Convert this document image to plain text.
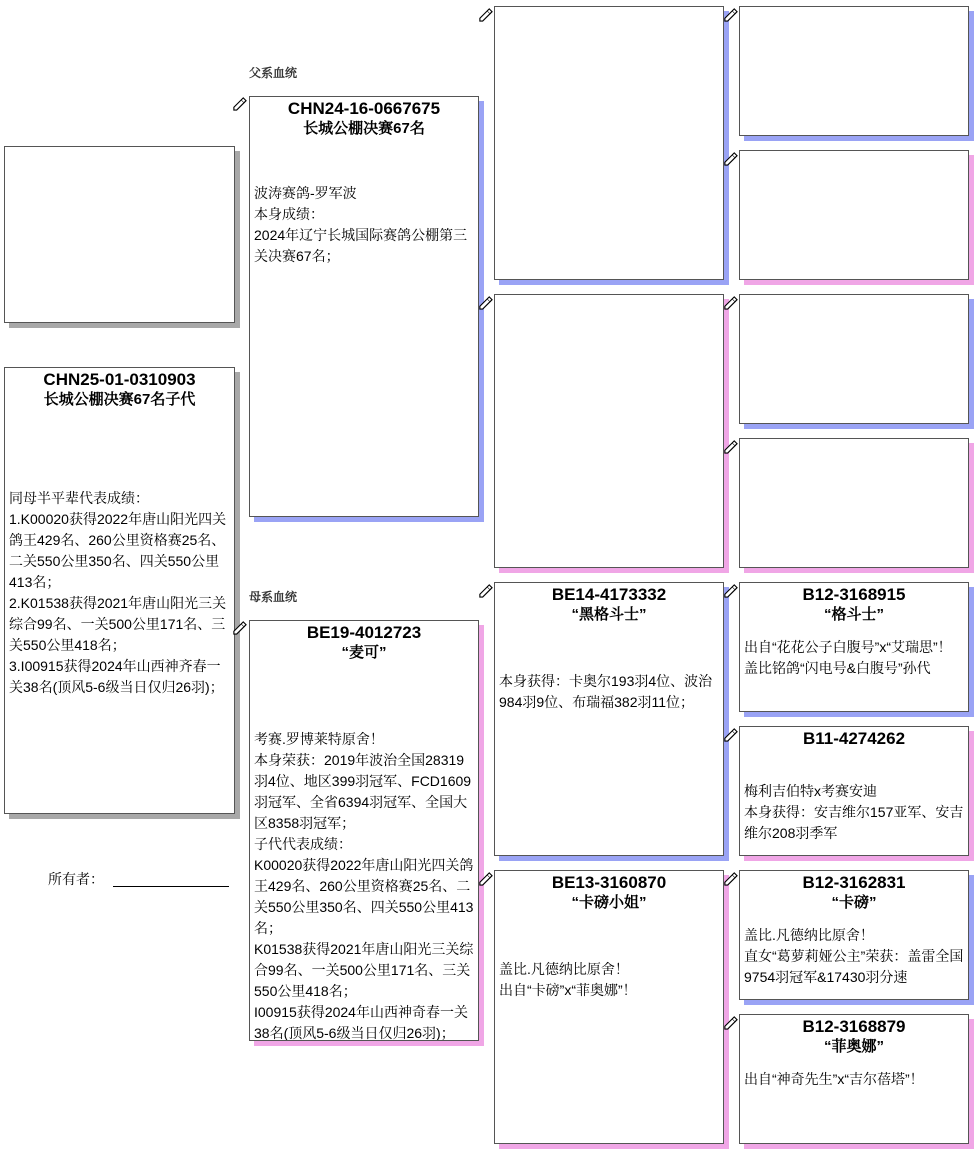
父系血统
母系血统
CHN25-01-0310903
长城公棚决赛67名子代
同母半平辈代表成绩：
1.K00020获得2022年唐山阳光四关鸽王429名、260公里资格赛25名、二关550公里350名、四关550公里413名；
2.K01538获得2021年唐山阳光三关综合99名、一关500公里171名、三关550公里418名；
3.I00915获得2024年山西神齐春一关38名(顶风5-6级当日仅归26羽)；
所有者：
CHN24-16-0667675
长城公棚决赛67名
波涛赛鸽-罗军波
本身成绩：
2024年辽宁长城国际赛鸽公棚第三关决赛67名；
BE19-4012723
“麦可”
考赛.罗博莱特原舍！
本身荣获：2019年波治全国28319羽4位、地区399羽冠军、FCD1609羽冠军、全省6394羽冠军、全国大区8358羽冠军；
子代代表成绩：
K00020获得2022年唐山阳光四关鸽王429名、260公里资格赛25名、二关550公里350名、四关550公里413名；
K01538获得2021年唐山阳光三关综合99名、一关500公里171名、三关550公里418名；
I00915获得2024年山西神奇春一关38名(顶风5-6级当日仅归26羽)；
BE14-4173332
“黑格斗士”
本身获得：卡奥尔193羽4位、波治984羽9位、布瑞福382羽11位；
BE13-3160870
“卡磅小姐”
盖比.凡德纳比原舍！
出自“卡磅”x“菲奥娜”！
B12-3168915
“格斗士”
出自“花花公子白腹号”x“艾瑞思”！
盖比铭鸽“闪电号&白腹号”孙代
B11-4274262
梅利吉伯特x考赛安迪
本身获得：安吉维尔157亚军、安吉维尔208羽季军
B12-3162831
“卡磅”
盖比.凡德纳比原舍！
直女“葛萝莉娅公主”荣获：盖雷全国9754羽冠军&17430羽分速
B12-3168879
“菲奥娜”
出自“神奇先生”x“吉尔蓓塔”！
